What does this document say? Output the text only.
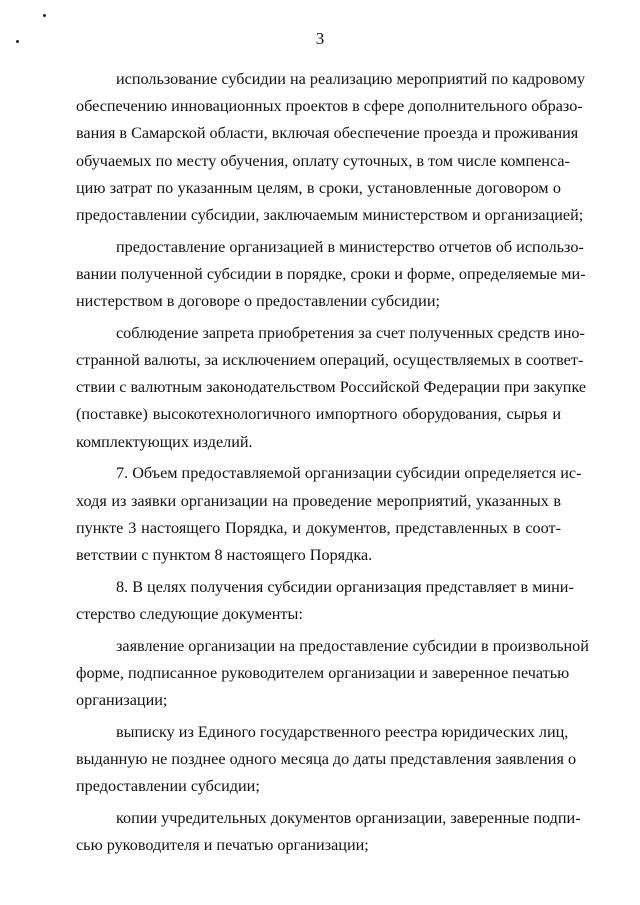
3
использование субсидии на реализацию мероприятий по кадровому
обеспечению инновационных проектов в сфере дополнительного образо-
вания в Самарской области, включая обеспечение проезда и проживания
обучаемых по месту обучения, оплату суточных, в том числе компенса-
цию затрат по указанным целям, в сроки, установленные договором о
предоставлении субсидии, заключаемым министерством и организацией;
предоставление организацией в министерство отчетов об использо-
вании полученной субсидии в порядке, сроки и форме, определяемые ми-
нистерством в договоре о предоставлении субсидии;
соблюдение запрета приобретения за счет полученных средств ино-
странной валюты, за исключением операций, осуществляемых в соответ-
ствии с валютным законодательством Российской Федерации при закупке
(поставке) высокотехнологичного импортного оборудования, сырья и
комплектующих изделий.
7. Объем предоставляемой организации субсидии определяется ис-
ходя из заявки организации на проведение мероприятий, указанных в
пункте 3 настоящего Порядка, и документов, представленных в соот-
ветствии с пунктом 8 настоящего Порядка.
8. В целях получения субсидии организация представляет в мини-
стерство следующие документы:
заявление организации на предоставление субсидии в произвольной
форме, подписанное руководителем организации и заверенное печатью
организации;
выписку из Единого государственного реестра юридических лиц,
выданную не позднее одного месяца до даты представления заявления о
предоставлении субсидии;
копии учредительных документов организации, заверенные подпи-
сью руководителя и печатью организации;
